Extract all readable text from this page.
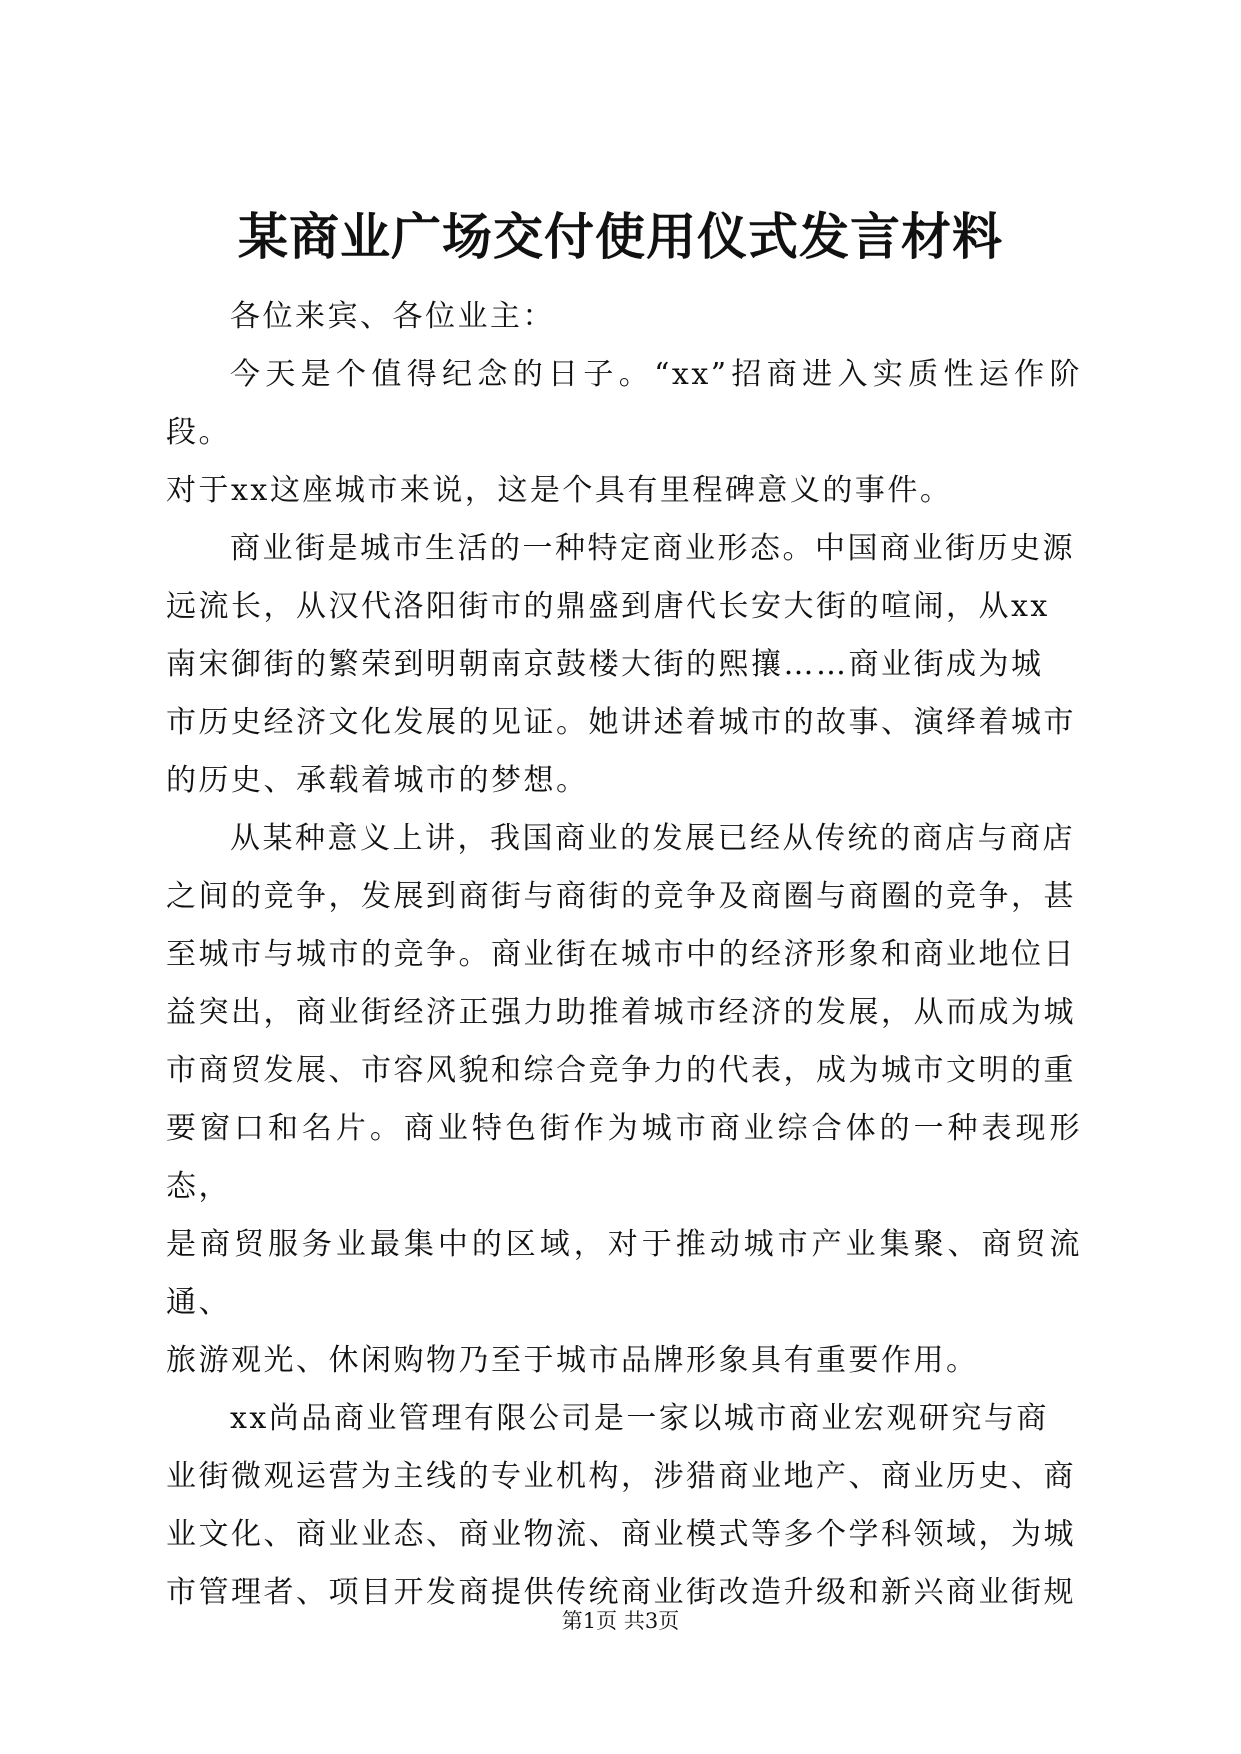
某商业广场交付使用仪式发言材料

各位来宾、各位业主：

今天是个值得纪念的日子。“xx”招商进入实质性运作阶段。
对于xx这座城市来说，这是个具有里程碑意义的事件。

商业街是城市生活的一种特定商业形态。中国商业街历史源
远流长，从汉代洛阳街市的鼎盛到唐代长安大街的喧闹，从xx
南宋御街的繁荣到明朝南京鼓楼大街的熙攘……商业街成为城
市历史经济文化发展的见证。她讲述着城市的故事、演绎着城市
的历史、承载着城市的梦想。

从某种意义上讲，我国商业的发展已经从传统的商店与商店
之间的竞争，发展到商街与商街的竞争及商圈与商圈的竞争，甚
至城市与城市的竞争。商业街在城市中的经济形象和商业地位日
益突出，商业街经济正强力助推着城市经济的发展，从而成为城
市商贸发展、市容风貌和综合竞争力的代表，成为城市文明的重
要窗口和名片。商业特色街作为城市商业综合体的一种表现形态，
是商贸服务业最集中的区域，对于推动城市产业集聚、商贸流通、
旅游观光、休闲购物乃至于城市品牌形象具有重要作用。

xx尚品商业管理有限公司是一家以城市商业宏观研究与商
业街微观运营为主线的专业机构，涉猎商业地产、商业历史、商
业文化、商业业态、商业物流、商业模式等多个学科领域，为城
市管理者、项目开发商提供传统商业街改造升级和新兴商业街规

第1页 共3页
